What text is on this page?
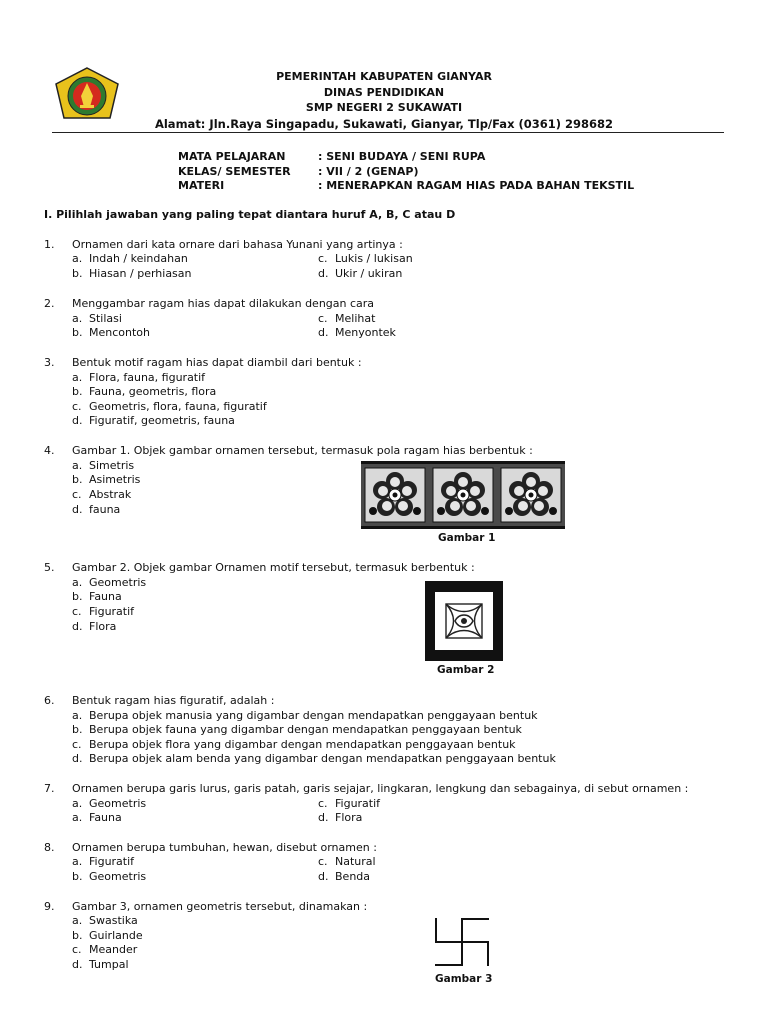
PEMERINTAH KABUPATEN GIANYAR
DINAS PENDIDIKAN
SMP NEGERI 2 SUKAWATI
Alamat: Jln.Raya Singapadu, Sukawati, Gianyar, Tlp/Fax (0361) 298682
MATA PELAJARAN	: SENI BUDAYA / SENI RUPA
KELAS/ SEMESTER : VII / 2 (GENAP)
MATERI	: MENERAPKAN RAGAM HIAS PADA BAHAN TEKSTIL
I. Pilihlah jawaban yang paling tepat diantara huruf A, B, C atau D
1.	Ornamen dari kata ornare dari bahasa Yunani yang artinya :
a. Indah / keindahan	c. Lukis / lukisan
b. Hiasan / perhiasan	d. Ukir / ukiran
2.	Menggambar ragam hias dapat dilakukan dengan cara
a. Stilasi	c. Melihat
b. Mencontoh	d. Menyontek
3.	Bentuk motif ragam hias dapat diambil dari bentuk :
a. Flora, fauna, figuratif
b. Fauna, geometris, flora
c. Geometris, flora, fauna, figuratif
d. Figuratif, geometris, fauna
4.	Gambar 1. Objek gambar ornamen tersebut, termasuk pola ragam hias berbentuk :
a. Simetris
b. Asimetris
c. Abstrak
d. fauna
Gambar 1
5.	Gambar 2. Objek gambar Ornamen motif tersebut, termasuk berbentuk :
a. Geometris
b. Fauna
c. Figuratif
d. Flora
Gambar 2
6.	Bentuk ragam hias figuratif, adalah :
a. Berupa objek manusia yang digambar dengan mendapatkan penggayaan bentuk
b. Berupa objek fauna yang digambar dengan mendapatkan penggayaan bentuk
c. Berupa objek flora yang digambar dengan mendapatkan penggayaan bentuk
d. Berupa objek alam benda yang digambar dengan mendapatkan penggayaan bentuk
7.	Ornamen berupa garis lurus, garis patah, garis sejajar, lingkaran, lengkung dan sebagainya, di sebut ornamen :
a. Geometris	c. Figuratif
a. Fauna	d. Flora
8.	Ornamen berupa tumbuhan, hewan, disebut ornamen :
a. Figuratif	c. Natural
b. Geometris	d. Benda
9.	Gambar 3, ornamen geometris tersebut, dinamakan :
a. Swastika
b. Guirlande
c. Meander
d. Tumpal
Gambar 3
